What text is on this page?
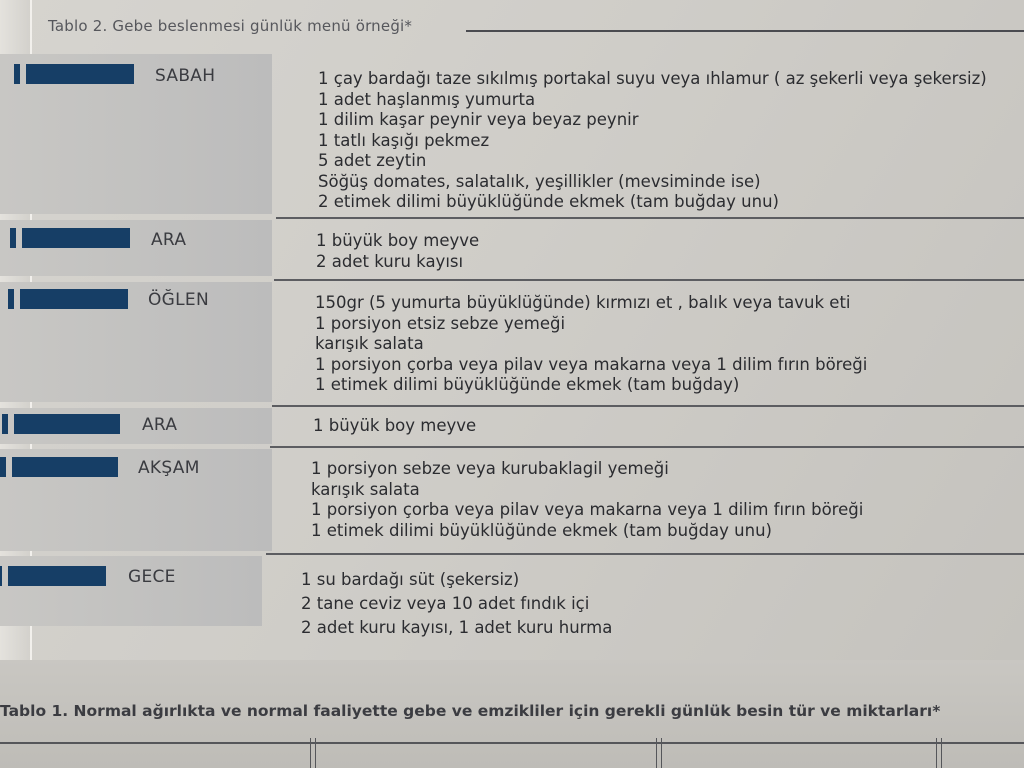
Tablo 2. Gebe beslenmesi günlük menü örneği*
SABAH	1 çay bardağı taze sıkılmış portakal suyu veya ıhlamur ( az şekerli veya şekersiz)
1 adet haşlanmış yumurta
1 dilim kaşar peynir veya beyaz peynir
1 tatlı kaşığı pekmez
5 adet zeytin
Söğüş domates, salatalık, yeşillikler (mevsiminde ise)
2 etimek dilimi büyüklüğünde ekmek (tam buğday unu)
ARA	1 büyük boy meyve
2 adet kuru kayısı
ÖĞLEN	150gr (5 yumurta büyüklüğünde) kırmızı et , balık veya tavuk eti
1 porsiyon etsiz sebze yemeği
karışık salata
1 porsiyon çorba veya pilav veya makarna veya 1 dilim fırın böreği
1 etimek dilimi büyüklüğünde ekmek (tam buğday)
ARA	1 büyük boy meyve
AKŞAM	1 porsiyon sebze veya kurubaklagil yemeği
karışık salata
1 porsiyon çorba veya pilav veya makarna veya 1 dilim fırın böreği
1 etimek dilimi büyüklüğünde ekmek (tam buğday unu)
GECE	1 su bardağı süt (şekersiz)
2 tane ceviz veya 10 adet fındık içi
2 adet kuru kayısı, 1 adet kuru hurma
Tablo 1. Normal ağırlıkta ve normal faaliyette gebe ve emzikliler için gerekli günlük besin tür ve miktarları*
